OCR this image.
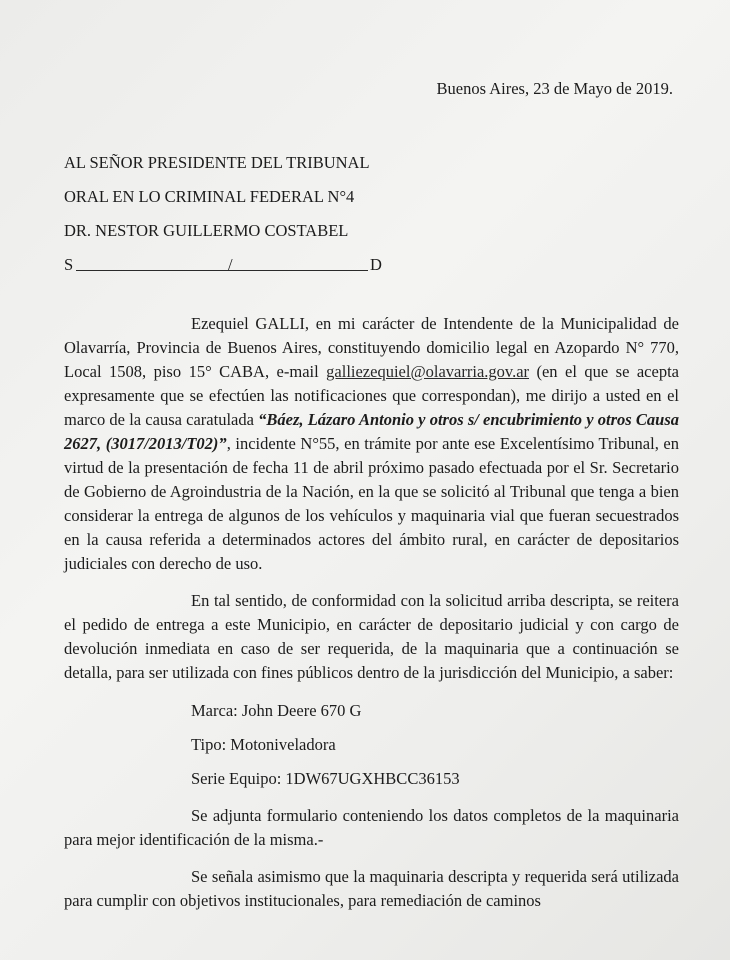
Buenos Aires, 23 de Mayo de 2019.
AL SEÑOR PRESIDENTE DEL TRIBUNAL
ORAL EN LO CRIMINAL FEDERAL N°4
DR. NESTOR GUILLERMO COSTABEL
S	/	D

Ezequiel GALLI, en mi carácter de Intendente de la Municipalidad de Olavarría, Provincia de Buenos Aires, constituyendo domicilio legal en Azopardo N° 770, Local 1508, piso 15° CABA, e-mail galliezequiel@olavarria.gov.ar (en el que se acepta expresamente que se efectúen las notificaciones que correspondan), me dirijo a usted en el marco de la causa caratulada “Báez, Lázaro Antonio y otros s/ encubrimiento y otros Causa 2627, (3017/2013/T02)”, incidente N°55, en trámite por ante ese Excelentísimo Tribunal, en virtud de la presentación de fecha 11 de abril próximo pasado efectuada por el Sr. Secretario de Gobierno de Agroindustria de la Nación, en la que se solicitó al Tribunal que tenga a bien considerar la entrega de algunos de los vehículos y maquinaria vial que fueran secuestrados en la causa referida a determinados actores del ámbito rural, en carácter de depositarios judiciales con derecho de uso.

En tal sentido, de conformidad con la solicitud arriba descripta, se reitera el pedido de entrega a este Municipio, en carácter de depositario judicial y con cargo de devolución inmediata en caso de ser requerida, de la maquinaria que a continuación se detalla, para ser utilizada con fines públicos dentro de la jurisdicción del Municipio, a saber:

Marca: John Deere 670 G
Tipo: Motoniveladora
Serie Equipo: 1DW67UGXHBCC36153

Se adjunta formulario conteniendo los datos completos de la maquinaria para mejor identificación de la misma.-

Se señala asimismo que la maquinaria descripta y requerida será utilizada para cumplir con objetivos institucionales, para remediación de caminos
